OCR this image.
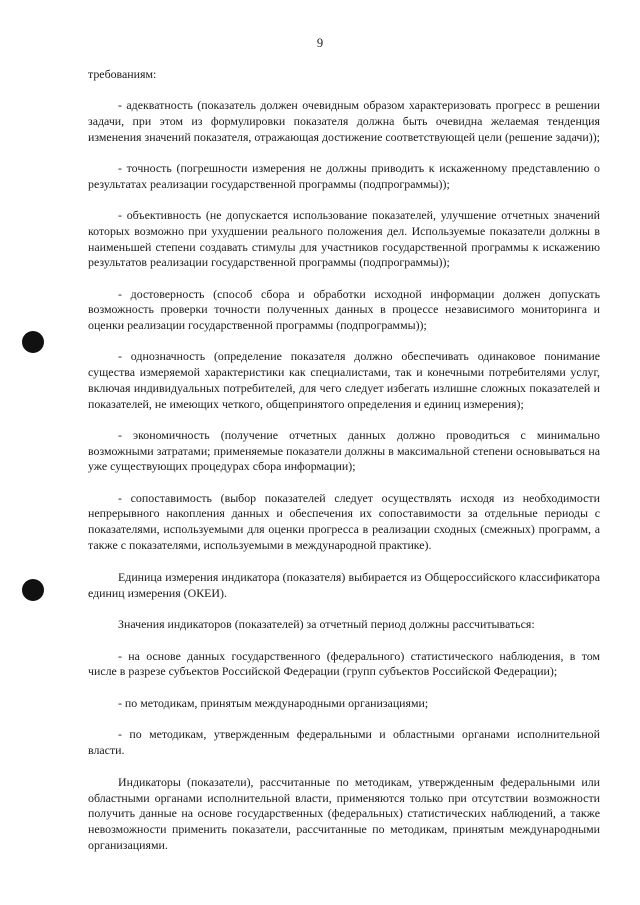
9

требованиям:

- адекватность (показатель должен очевидным образом характеризовать прогресс в решении задачи, при этом из формулировки показателя должна быть очевидна желаемая тенденция изменения значений показателя, отражающая достижение соответствующей цели (решение задачи));

- точность (погрешности измерения не должны приводить к искаженному представлению о результатах реализации государственной программы (подпрограммы));

- объективность (не допускается использование показателей, улучшение отчетных значений которых возможно при ухудшении реального положения дел. Используемые показатели должны в наименьшей степени создавать стимулы для участников государственной программы к искажению результатов реализации государственной программы (подпрограммы));

- достоверность (способ сбора и обработки исходной информации должен допускать возможность проверки точности полученных данных в процессе независимого мониторинга и оценки реализации государственной программы (подпрограммы));

- однозначность (определение показателя должно обеспечивать одинаковое понимание существа измеряемой характеристики как специалистами, так и конечными потребителями услуг, включая индивидуальных потребителей, для чего следует избегать излишне сложных показателей и показателей, не имеющих четкого, общепринятого определения и единиц измерения);

- экономичность (получение отчетных данных должно проводиться с минимально возможными затратами; применяемые показатели должны в максимальной степени основываться на уже существующих процедурах сбора информации);

- сопоставимость (выбор показателей следует осуществлять исходя из необходимости непрерывного накопления данных и обеспечения их сопоставимости за отдельные периоды с показателями, используемыми для оценки прогресса в реализации сходных (смежных) программ, а также с показателями, используемыми в международной практике).

Единица измерения индикатора (показателя) выбирается из Общероссийского классификатора единиц измерения (ОКЕИ).

Значения индикаторов (показателей) за отчетный период должны рассчитываться:

- на основе данных государственного (федерального) статистического наблюдения, в том числе в разрезе субъектов Российской Федерации (групп субъектов Российской Федерации);

- по методикам, принятым международными организациями;

- по методикам, утвержденным федеральными и областными органами исполнительной власти.

Индикаторы (показатели), рассчитанные по методикам, утвержденным федеральными или областными органами исполнительной власти, применяются только при отсутствии возможности получить данные на основе государственных (федеральных) статистических наблюдений, а также невозможности применить показатели, рассчитанные по методикам, принятым международными организациями.
